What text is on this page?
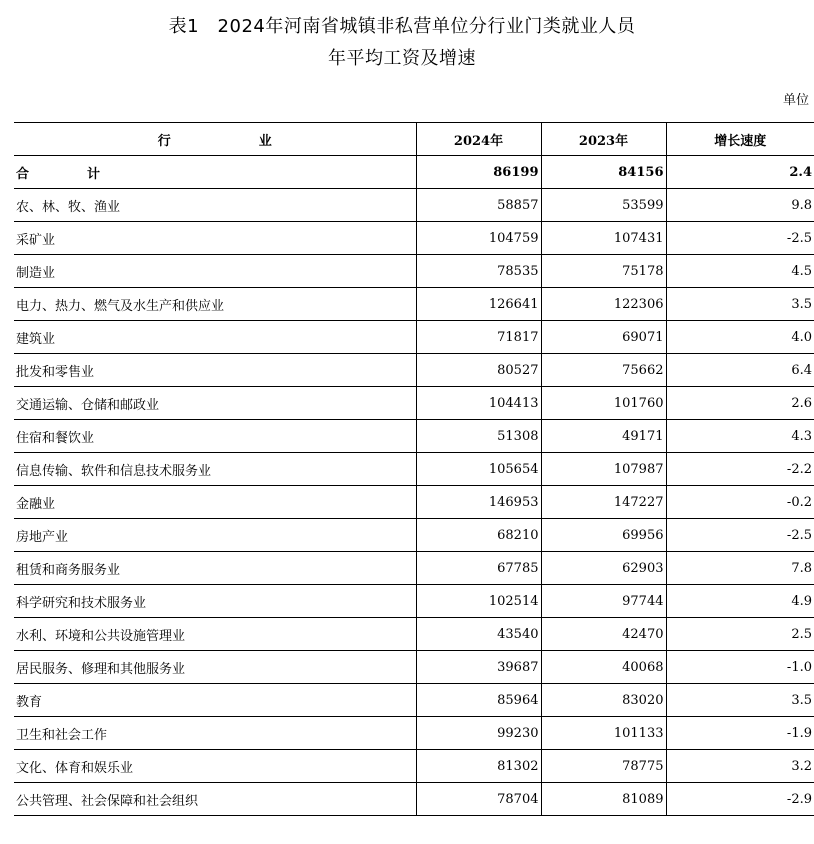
表1　2024年河南省城镇非私营单位分行业门类就业人员
年平均工资及增速
单位
行 业	2024年	2023年	增长速度
合 计	86199	84156	2.4
农、林、牧、渔业	58857	53599	9.8
采矿业	104759	107431	-2.5
制造业	78535	75178	4.5
电力、热力、燃气及水生产和供应业	126641	122306	3.5
建筑业	71817	69071	4.0
批发和零售业	80527	75662	6.4
交通运输、仓储和邮政业	104413	101760	2.6
住宿和餐饮业	51308	49171	4.3
信息传输、软件和信息技术服务业	105654	107987	-2.2
金融业	146953	147227	-0.2
房地产业	68210	69956	-2.5
租赁和商务服务业	67785	62903	7.8
科学研究和技术服务业	102514	97744	4.9
水利、环境和公共设施管理业	43540	42470	2.5
居民服务、修理和其他服务业	39687	40068	-1.0
教育	85964	83020	3.5
卫生和社会工作	99230	101133	-1.9
文化、体育和娱乐业	81302	78775	3.2
公共管理、社会保障和社会组织	78704	81089	-2.9
